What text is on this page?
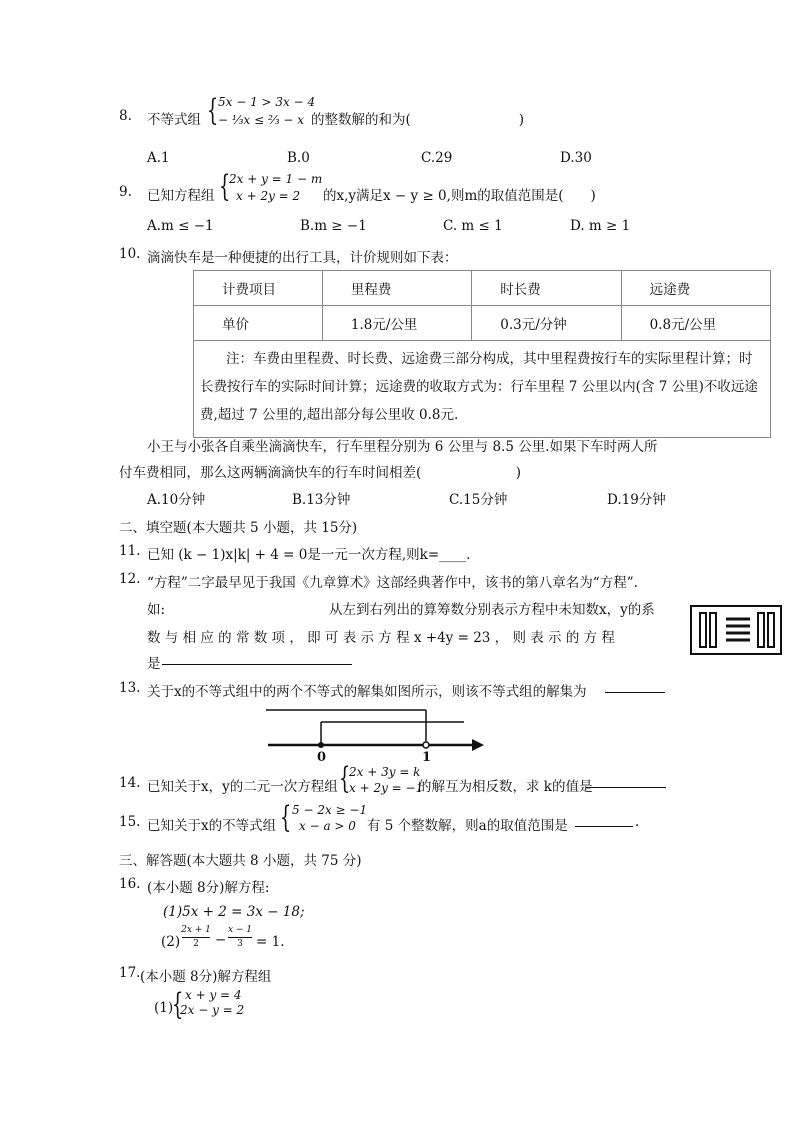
8. 不等式组 { 5x − 1 > 3x − 4
− ⅓x ≤ ⅔ − x 的整数解的和为(　　　　　　　　)
A.1	B.0	C.29	D.30
9. 已知方程组 {
2x + y = 1 − m
x + 2y = 2 的x,y满足x − y ≥ 0,则m的取值范围是(　　)
A.m ≤ −1	B.m ≥ −1	C. m ≤ 1	D. m ≥ 1
10. 滴滴快车是一种便捷的出行工具，计价规则如下表：
计费项目	里程费	时长费	远途费
单价	1.8元/公里	0.3元/分钟	0.8元/公里
注：车费由里程费、时长费、远途费三部分构成，其中里程费按行车的实际里程计算；时长费按行车的实际时间计算；远途费的收取方式为：行车里程 7 公里以内(含 7 公里)不收远途费,超过 7 公里的,超出部分每公里收 0.8元.			
小王与小张各自乘坐滴滴快车，行车里程分别为 6 公里与 8.5 公里.如果下车时两人所
付车费相同，那么这两辆滴滴快车的行车时间相差(　　　　　　　)
A.10分钟	B.13分钟	C.15分钟	D.19分钟
二、填空题(本大题共 5 小题，共 15分)
11. 已知 (k − 1)x|k| + 4 = 0是一元一次方程,则k=____.
12. “方程”二字最早见于我国《九章算术》这部经典著作中，该书的第八章名为“方程”.
如:	从左到右列出的算筹数分别表示方程中未知数x，y的系
数 与 相 应 的 常 数 项 ， 即 可 表 示 方 程 x +4y = 23 ， 则 表 示 的 方 程
是
13. 关于x的不等式组中的两个不等式的解集如图所示，则该不等式组的解集为
0	1
14. 已知关于x，y的二元一次方程组 {
2x + 3y = k
x + 2y = −1
的解互为相反数，求 k的值是
15. 已知关于x的不等式组 { 5 − 2x ≥ −1
x − a > 0 有 5 个整数解，则a的取值范围是	.
三、解答题(本大题共 8 小题，共 75 分)
16. (本小题 8分)解方程:
(1)5x + 2 = 3x − 18;
(2)
2x + 1
2	−
x − 1
3 = 1.
17. (本小题 8分)解方程组
(1)
{ x + y = 4
2x − y = 2
